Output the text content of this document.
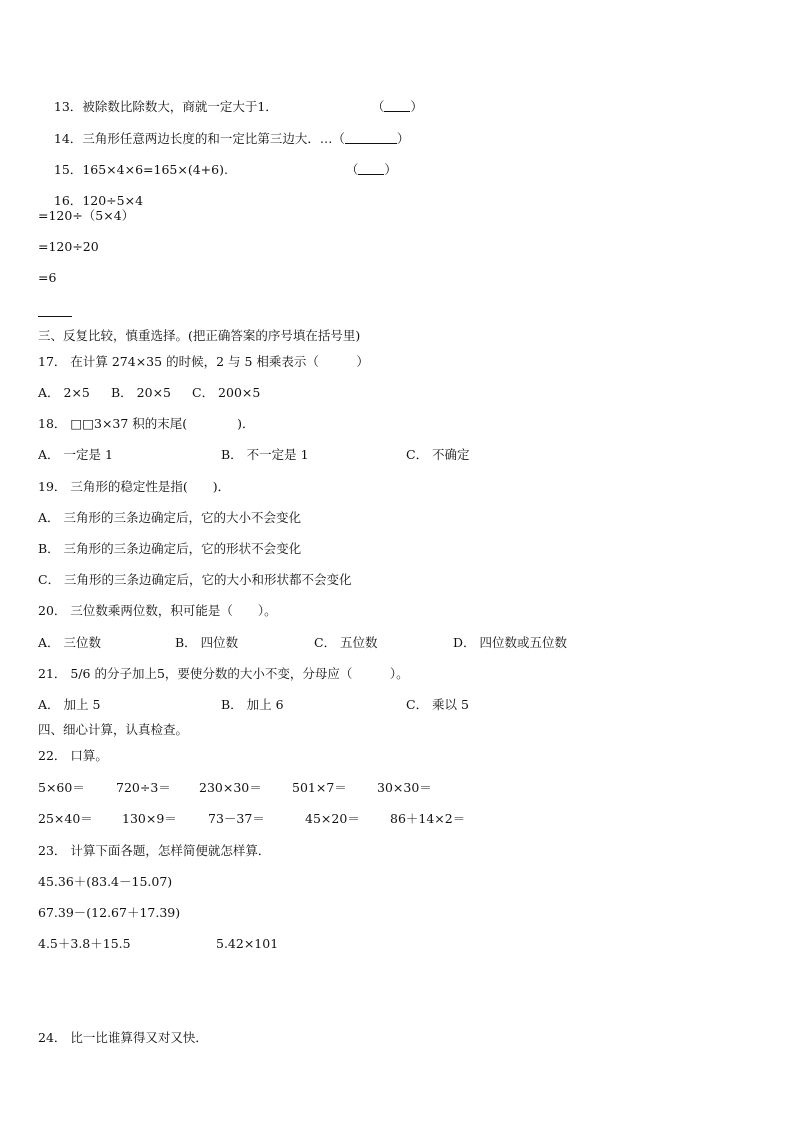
13．被除数比除数大，商就一定大于1．
	（ ）

14．三角形任意两边长度的和一定比第三边大．…（	）

15．165×4×6=165×(4+6).
	（ ）

16．120÷5×4

=120÷（5×4）
=120÷20
=6
三、反复比较，慎重选择。(把正确答案的序号填在括号里)
17． 在计算 274×35 的时候，2 与 5 相乘表示（　　　）
A． 2×5 B． 20×5 C． 200×5
18． □□3×37 积的末尾(　　　　)．
A． 一定是 1	B． 不一定是 1	C． 不确定
19． 三角形的稳定性是指(　　)．
A． 三角形的三条边确定后，它的大小不会变化
B． 三角形的三条边确定后，它的形状不会变化
C． 三角形的三条边确定后，它的大小和形状都不会变化
20． 三位数乘两位数，积可能是（　　）。
A． 三位数	B． 四位数	C． 五位数	D． 四位数或五位数
21． 5/6 的分子加上5，要使分数的大小不变，分母应（　　　）。
A． 加上 5	B． 加上 6	C． 乘以 5
四、细心计算，认真检查。
22． 口算。
5×60＝ 720÷3＝ 230×30＝ 501×7＝ 30×30＝
25×40＝ 130×9＝ 73－37＝	45×20＝ 86＋14×2＝
23． 计算下面各题，怎样简便就怎样算．
45.36＋(83.4－15.07)
67.39－(12.67＋17.39)
4.5＋3.8＋15.5	5.42×101
24． 比一比谁算得又对又快．
